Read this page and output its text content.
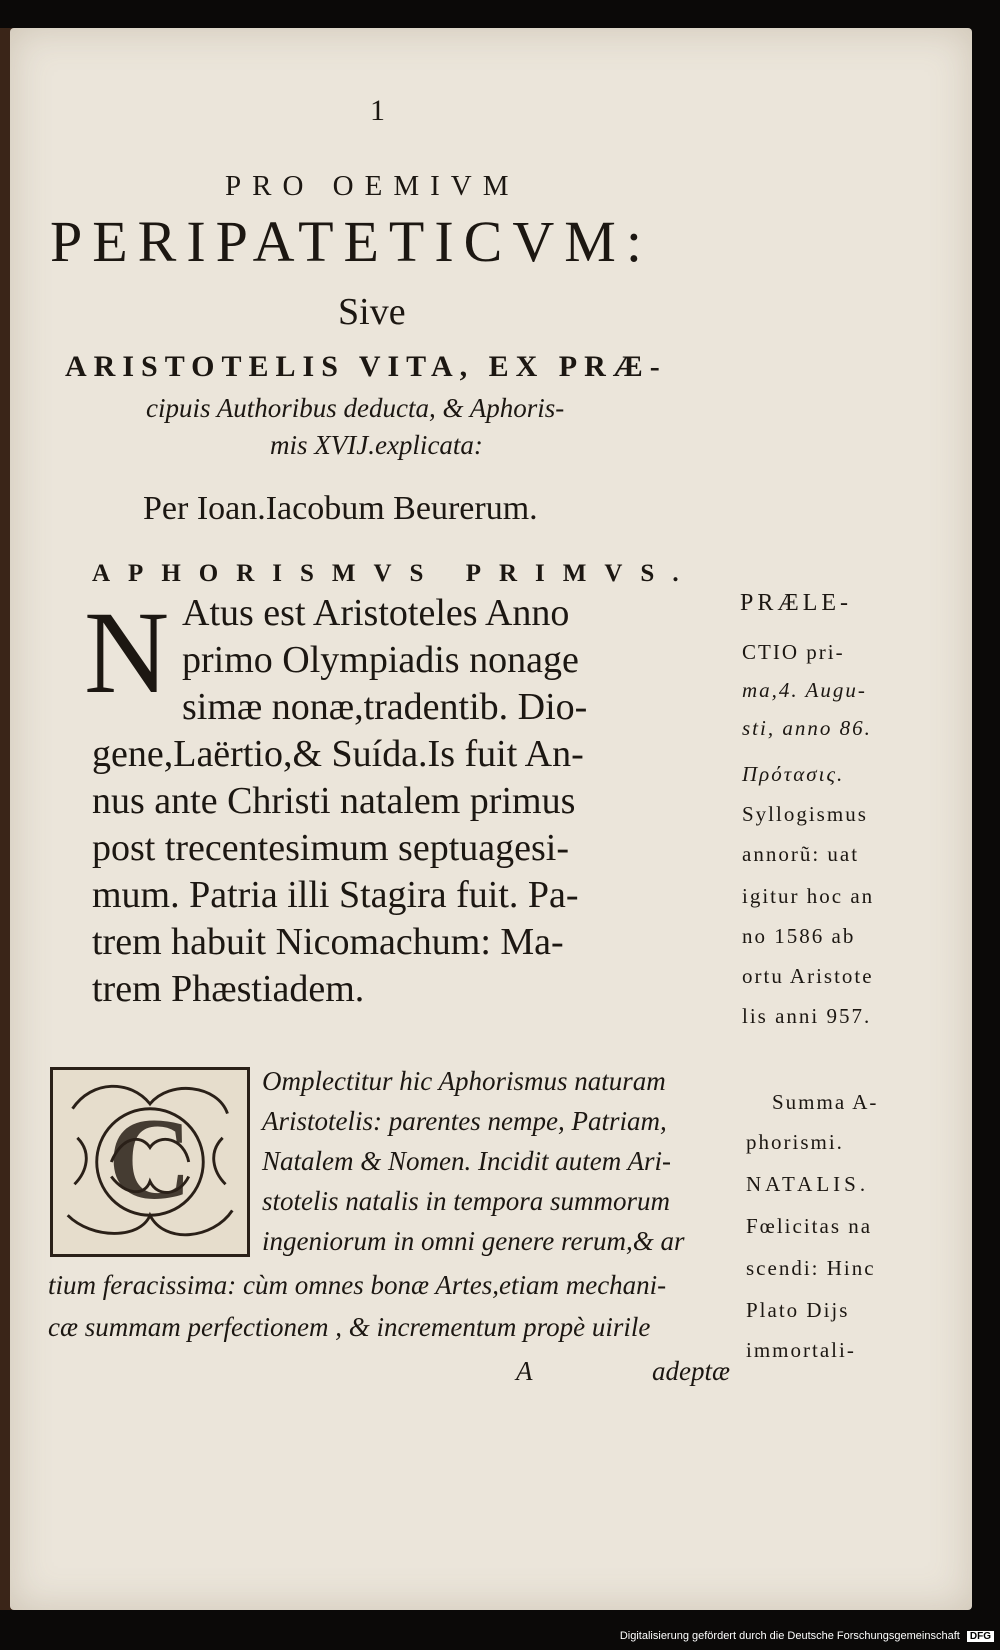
1
PRO OEMIVM
PERIPATETICVM:
Sive
ARISTOTELIS VITA, EX PRÆ-
cipuis Authoribus deducta, & Aphoris-
mis XVIJ.explicata:
Per Ioan.Iacobum Beurerum.
APHORISMVS PRIMVS.
N Atus est Aristoteles Anno
primo Olympiadis nonage
simæ nonæ,tradentib. Dio-
gene,Laërtio,& Suída.Is fuit An-
nus ante Christi natalem primus
post trecentesimum septuagesi-
mum. Patria illi Stagira fuit. Pa-
trem habuit Nicomachum: Ma-
trem Phæstiadem.
PRÆLE-
CTIO pri-
ma,4. Augu-
sti, anno 86.
Πρότασις.
Syllogismus
annorũ: uat
igitur hoc an
no 1586 ab
ortu Aristote
lis anni 957.
C
Omplectitur hic Aphorismus naturam
Aristotelis: parentes nempe, Patriam,
Natalem & Nomen. Incidit autem Ari-
stotelis natalis in tempora summorum
ingeniorum in omni genere rerum,& ar
tium feracissima: cùm omnes bonæ Artes,etiam mechani-
cæ summam perfectionem , & incrementum propè uirile
A	adeptæ
Summa A-
phorismi.
NATALIS.
Fœlicitas na
scendi: Hinc
Plato Dijs
immortali-
Digitalisierung gefördert durch die Deutsche Forschungsgemeinschaft DFG
